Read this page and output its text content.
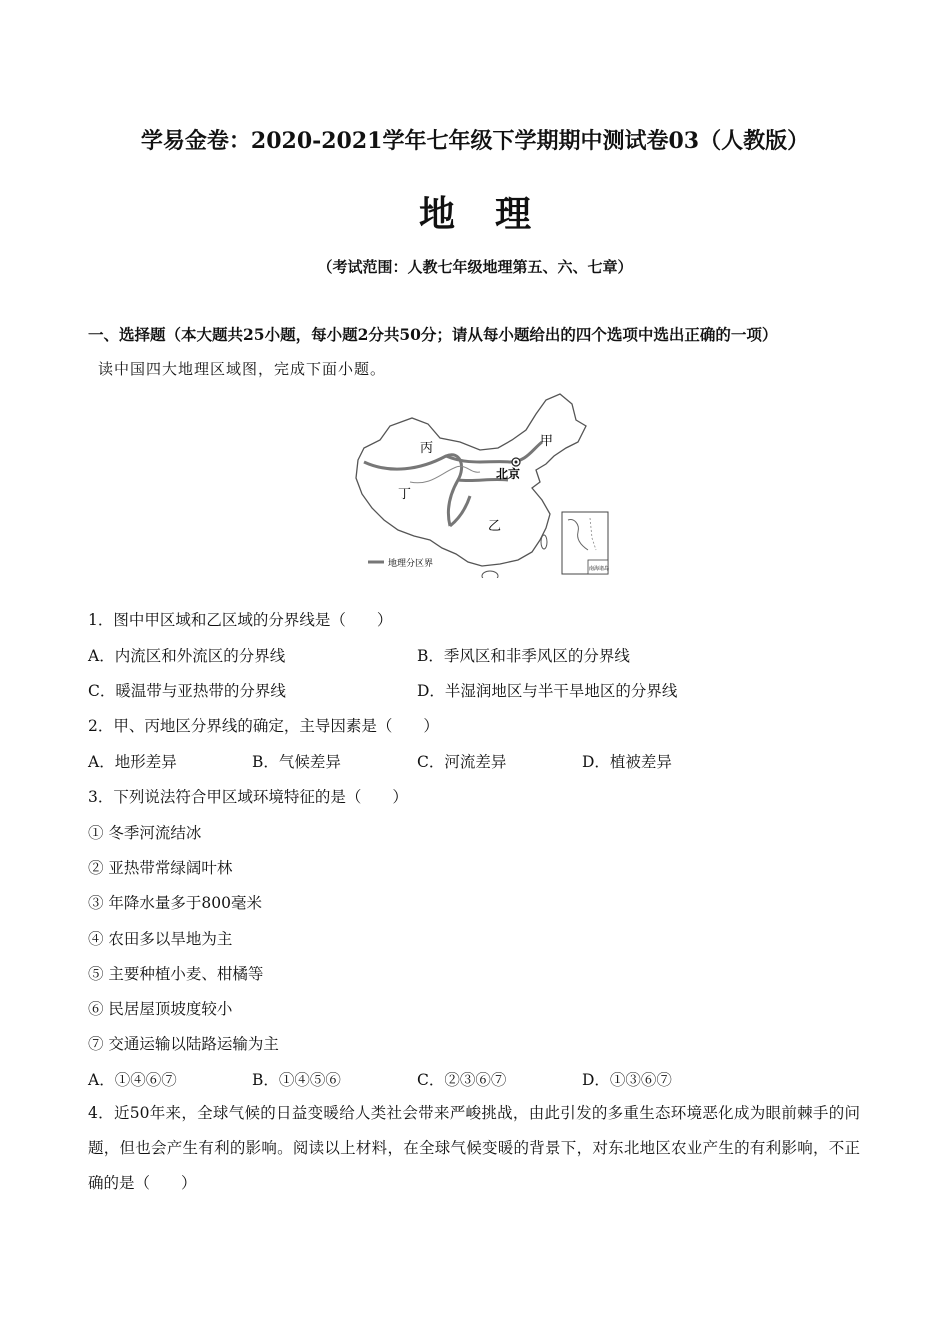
学易金卷：2020-2021学年七年级下学期期中测试卷03（人教版）
地理
（考试范围：人教七年级地理第五、六、七章）
一、选择题（本大题共25小题，每小题2分共50分；请从每小题给出的四个选项中选出正确的一项）
读中国四大地理区域图，完成下面小题。
甲
乙
丙
丁
北京
南海诸岛
地理分区界
1．图中甲区域和乙区域的分界线是（　　）
A．内流区和外流区的分界线	B．季风区和非季风区的分界线
C．暖温带与亚热带的分界线	D．半湿润地区与半干旱地区的分界线
2．甲、丙地区分界线的确定，主导因素是（　　）
A．地形差异	B．气候差异	C．河流差异	D．植被差异
3．下列说法符合甲区域环境特征的是（　　）
① 冬季河流结冰
② 亚热带常绿阔叶林
③ 年降水量多于800毫米
④ 农田多以旱地为主
⑤ 主要种植小麦、柑橘等
⑥ 民居屋顶坡度较小
⑦ 交通运输以陆路运输为主
A．①④⑥⑦	B．①④⑤⑥	C．②③⑥⑦	D．①③⑥⑦
4．近50年来，全球气候的日益变暖给人类社会带来严峻挑战，由此引发的多重生态环境恶化成为眼前棘手的问题，但也会产生有利的影响。阅读以上材料，在全球气候变暖的背景下，对东北地区农业产生的有利影响，不正确的是（　　）
